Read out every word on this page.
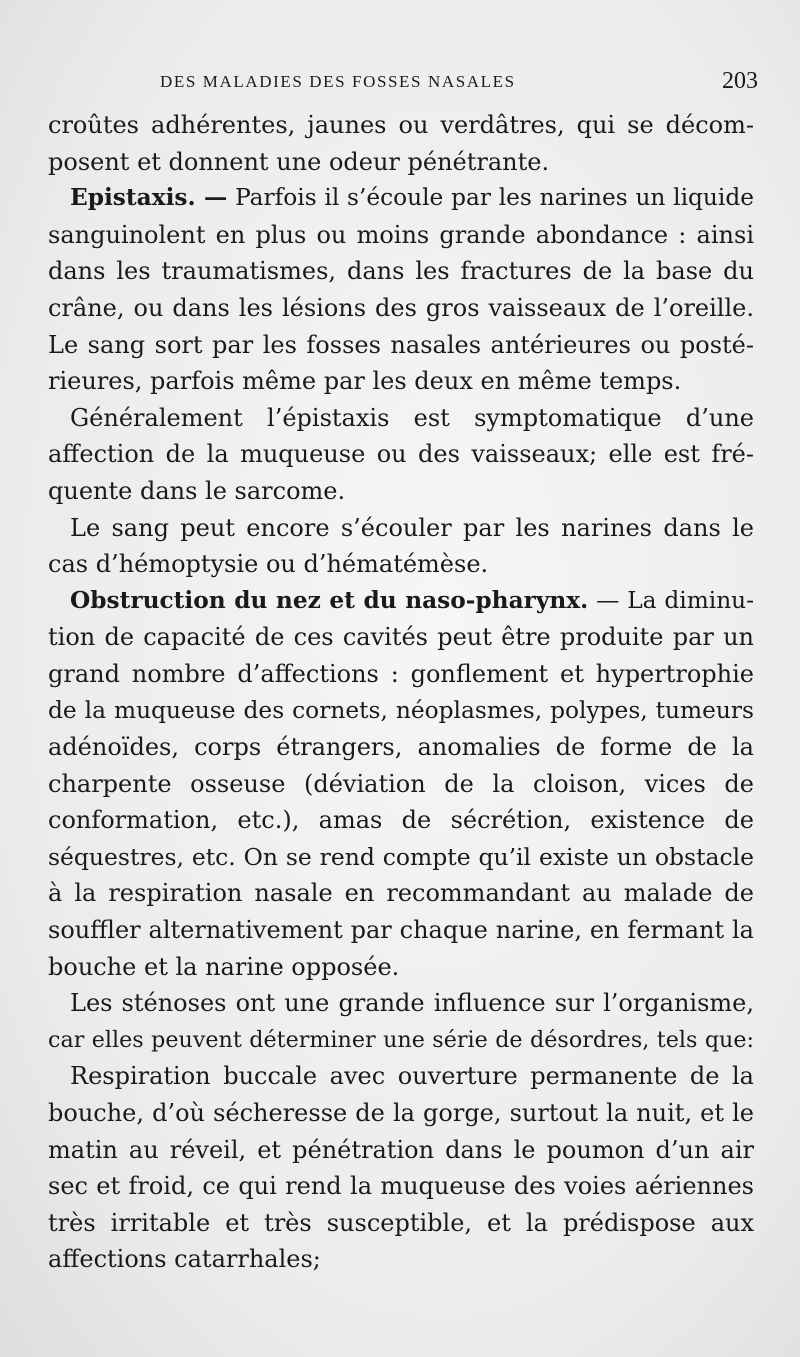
DES MALADIES DES FOSSES NASALES	203
croûtes adhérentes, jaunes ou verdâtres, qui se décom-
posent et donnent une odeur pénétrante.
Epistaxis. — Parfois il s’écoule par les narines un liquide
sanguinolent en plus ou moins grande abondance : ainsi
dans les traumatismes, dans les fractures de la base du
crâne, ou dans les lésions des gros vaisseaux de l’oreille.
Le sang sort par les fosses nasales antérieures ou posté-
rieures, parfois même par les deux en même temps.
Généralement l’épistaxis est symptomatique d’une
affection de la muqueuse ou des vaisseaux; elle est fré-
quente dans le sarcome.
Le sang peut encore s’écouler par les narines dans le
cas d’hémoptysie ou d’hématémèse.
Obstruction du nez et du naso-pharynx. — La diminu-
tion de capacité de ces cavités peut être produite par un
grand nombre d’affections : gonflement et hypertrophie
de la muqueuse des cornets, néoplasmes, polypes, tumeurs
adénoïdes, corps étrangers, anomalies de forme de la
charpente osseuse (déviation de la cloison, vices de
conformation, etc.), amas de sécrétion, existence de
séquestres, etc. On se rend compte qu’il existe un obstacle
à la respiration nasale en recommandant au malade de
souffler alternativement par chaque narine, en fermant la
bouche et la narine opposée.
Les sténoses ont une grande influence sur l’organisme,
car elles peuvent déterminer une série de désordres, tels que:
Respiration buccale avec ouverture permanente de la
bouche, d’où sécheresse de la gorge, surtout la nuit, et le
matin au réveil, et pénétration dans le poumon d’un air
sec et froid, ce qui rend la muqueuse des voies aériennes
très irritable et très susceptible, et la prédispose aux
affections catarrhales;
